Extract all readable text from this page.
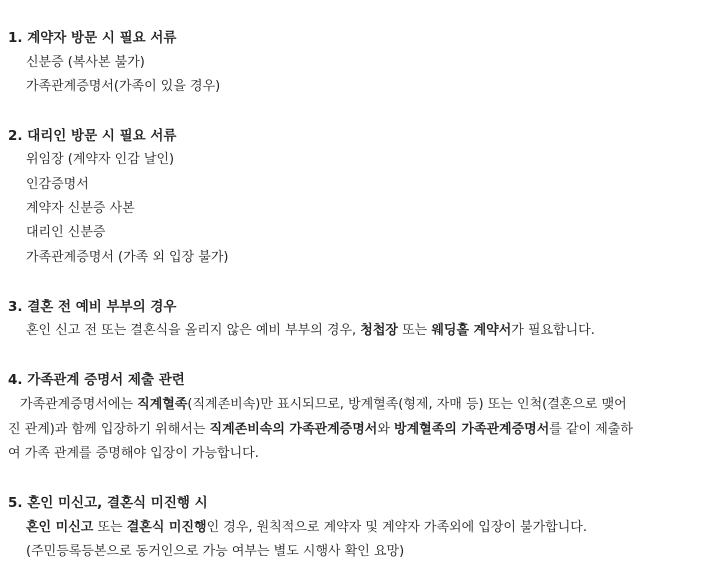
1. 계약자 방문 시 필요 서류
신분증 (복사본 불가)
가족관계증명서(가족이 있을 경우)
2. 대리인 방문 시 필요 서류
위임장 (계약자 인감 날인)
인감증명서
계약자 신분증 사본
대리인 신분증
가족관계증명서 (가족 외 입장 불가)
3. 결혼 전 예비 부부의 경우
혼인 신고 전 또는 결혼식을 올리지 않은 예비 부부의 경우, 청첩장 또는 웨딩홀 계약서가 필요합니다.
4. 가족관계 증명서 제출 관련
가족관계증명서에는 직계혈족(직계존비속)만 표시되므로, 방계혈족(형제, 자매 등) 또는 인척(결혼으로 맺어
진 관계)과 함께 입장하기 위해서는 직계존비속의 가족관계증명서와 방계혈족의 가족관계증명서를 같이 제출하
여 가족 관계를 증명해야 입장이 가능합니다.
5. 혼인 미신고, 결혼식 미진행 시
혼인 미신고 또는 결혼식 미진행인 경우, 원칙적으로 계약자 및 계약자 가족외에 입장이 불가합니다.
(주민등록등본으로 동거인으로 가능 여부는 별도 시행사 확인 요망)
